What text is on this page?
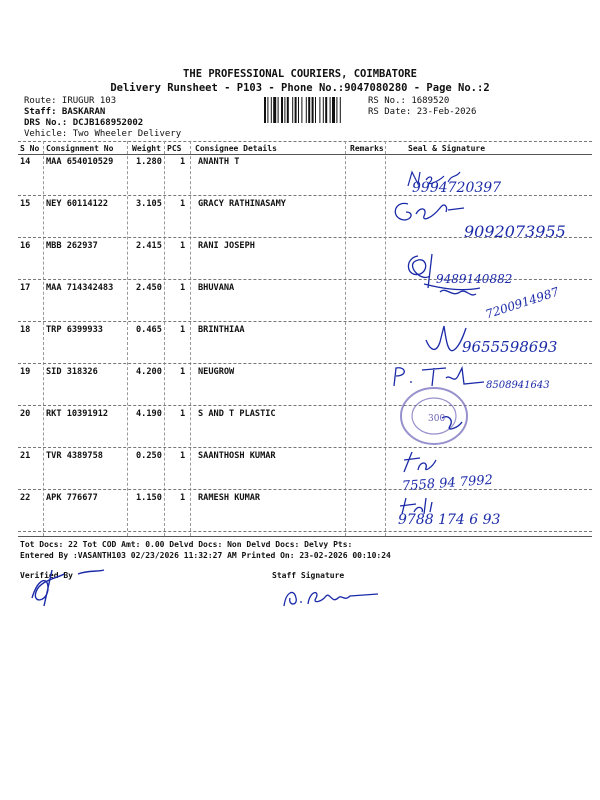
THE PROFESSIONAL COURIERS, COIMBATORE
Delivery Runsheet - P103 - Phone No.:9047080280 - Page No.:2
Route: IRUGUR 103
Staff: BASKARAN
DRS No.: DCJB168952002
Vehicle: Two Wheeler Delivery
RS No.: 1689520
RS Date: 23-Feb-2026
S No Consignment No Weight PCS Consignee Details	Remarks	Seal & Signature
14 MAA 654010529	1.280 1 ANANTH T
15 NEY 60114122	3.105 1 GRACY RATHINASAMY
16 MBB 262937	2.415 1 RANI JOSEPH
17 MAA 714342483	2.450 1 BHUVANA
18 TRP 6399933	0.465 1 BRINTHIAA
19 SID 318326	4.200 1 NEUGROW
20 RKT 10391912	4.190 1 S AND T PLASTIC
21 TVR 4389758	0.250 1 SAANTHOSH KUMAR
22 APK 776677	1.150 1 RAMESH KUMAR
Tot Docs: 22 Tot COD Amt: 0.00 Delvd Docs: Non Delvd Docs: Delvy Pts:
Entered By :VASANTH103 02/23/2026 11:32:27 AM Printed On: 23-02-2026 00:10:24
Verified By	Staff Signature
9994720397
9092073955
9489140882
7200914987
9655598693
8508941643
300
7558 94 7992
9788 174 6 93
